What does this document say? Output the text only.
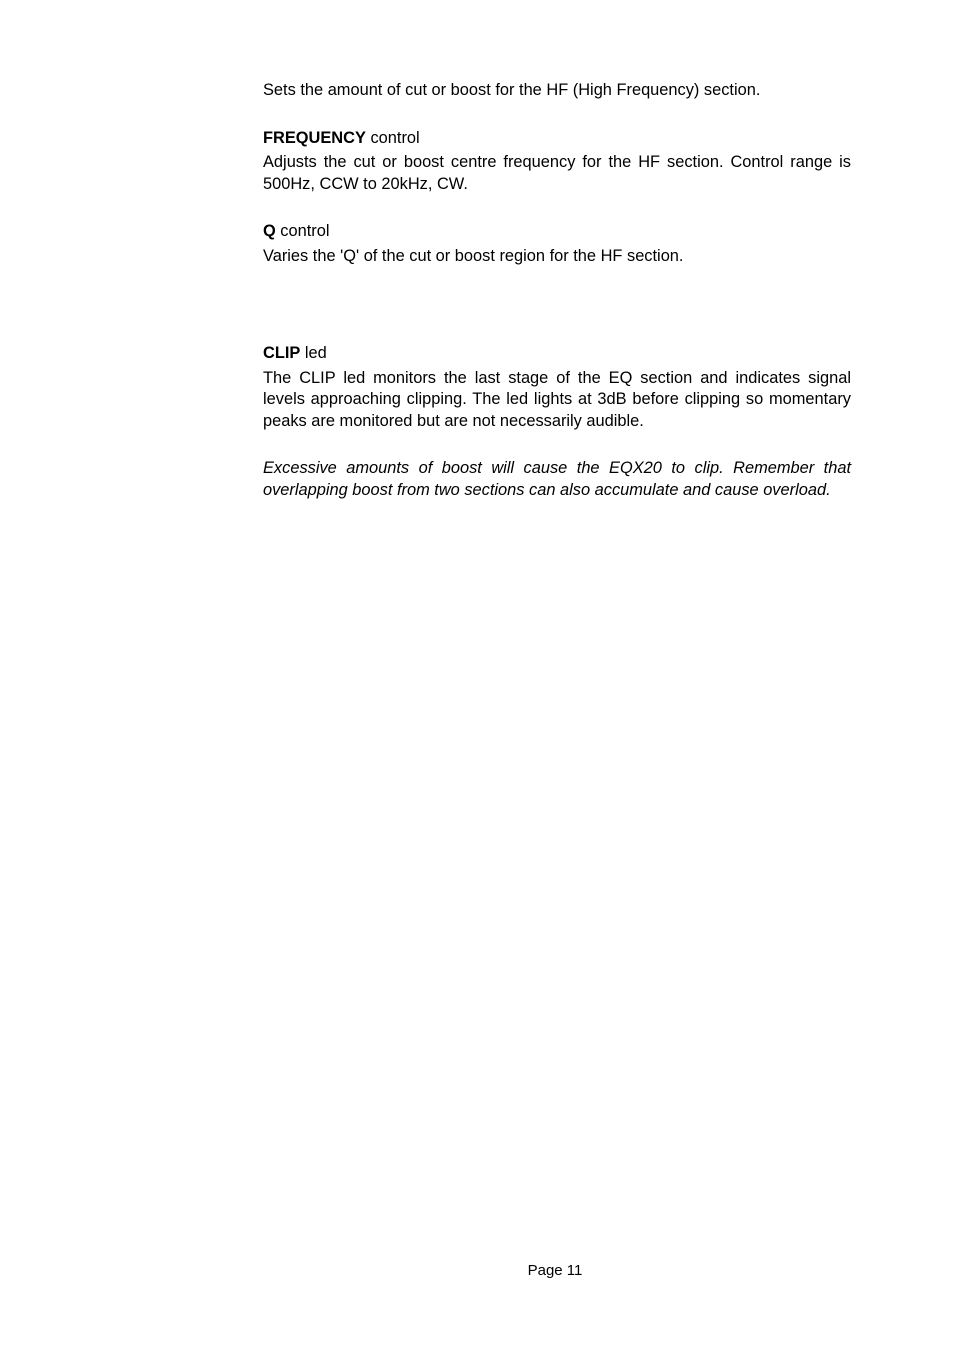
Sets the amount of cut or boost for the HF (High Frequency) section.

FREQUENCY control

Adjusts the cut or boost centre frequency for the HF section. Control range is 500Hz, CCW to 20kHz, CW.

Q control

Varies the 'Q' of the cut or boost region for the HF section.

CLIP led

The CLIP led monitors the last stage of the EQ section and indicates signal levels approaching clipping. The led lights at 3dB before clipping so momentary peaks are monitored but are not necessarily audible.

Excessive amounts of boost will cause the EQX20 to clip. Remember that overlapping boost from two sections can also accumulate and cause overload.

Page 11
